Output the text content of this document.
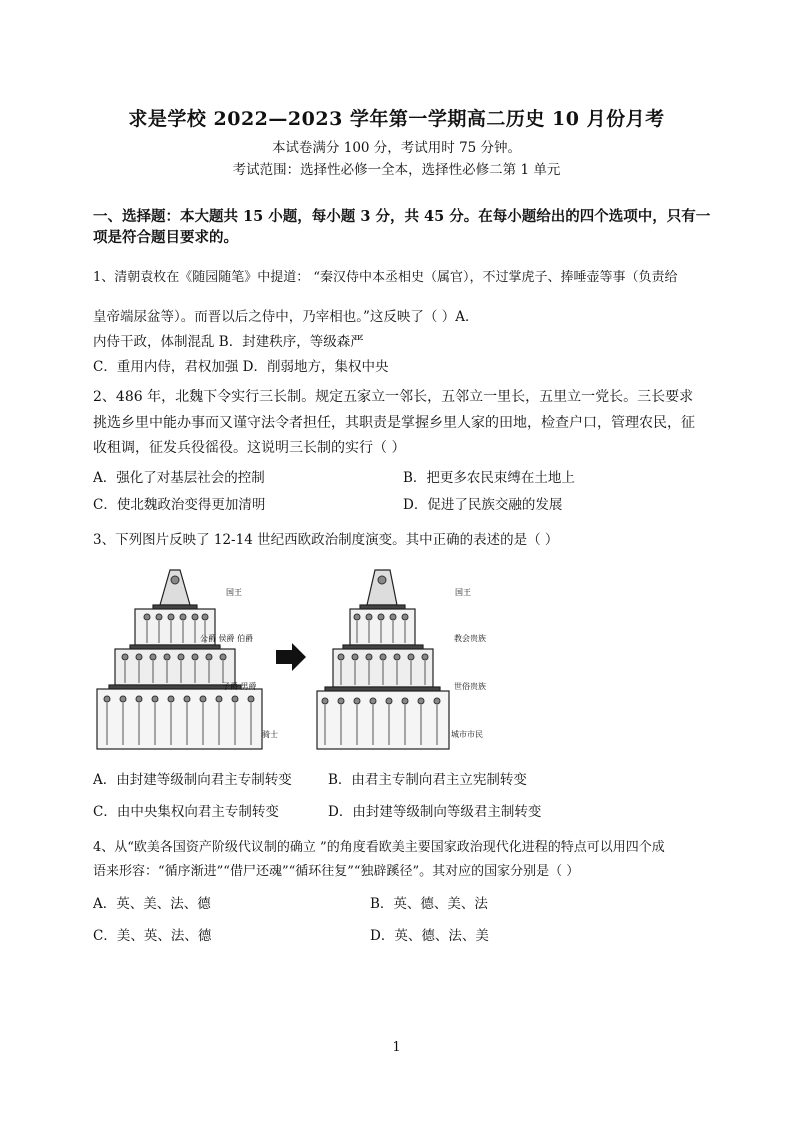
求是学校 2022—2023 学年第一学期高二历史 10 月份月考
本试卷满分 100 分，考试用时 75 分钟。
考试范围：选择性必修一全本，选择性必修二第 1 单元
一、选择题：本大题共 15 小题，每小题 3 分，共 45 分。在每小题给出的四个选项中，只有一
项是符合题目要求的。
1、清朝袁枚在《随园随笔》中提道： “秦汉侍中本丞相史（属官），不过掌虎子、捧唾壶等事（负责给
皇帝端尿盆等）。而晋以后之侍中，乃宰相也。”这反映了（ ）A．
内侍干政，体制混乱 B．封建秩序，等级森严
C．重用内侍，君权加强 D．削弱地方，集权中央
2、486 年，北魏下令实行三长制。规定五家立一邻长，五邻立一里长，五里立一党长。三长要求
挑选乡里中能办事而又谨守法令者担任，其职责是掌握乡里人家的田地，检查户口，管理农民，征
收租调，征发兵役徭役。这说明三长制的实行（ ）
A．强化了对基层社会的控制	B．把更多农民束缚在土地上
C．使北魏政治变得更加清明	D．促进了民族交融的发展
3、下列图片反映了 12-14 世纪西欧政治制度演变。其中正确的表述的是（ ）
国王
公爵 侯爵 伯爵
子爵 男爵
骑士
国王
教会贵族
世俗贵族
城市市民
A．由封建等级制向君主专制转变	B．由君主专制向君主立宪制转变
C．由中央集权向君主专制转变	D．由封建等级制向等级君主制转变
4、从“欧美各国资产阶级代议制的确立 ”的角度看欧美主要国家政治现代化进程的特点可以用四个成
语来形容：“循序渐进”“借尸还魂”“循环往复”“独辟蹊径”。其对应的国家分别是（ ）
A．英、美、法、德	B．英、德、美、法
C．美、英、法、德	D．英、德、法、美
1
